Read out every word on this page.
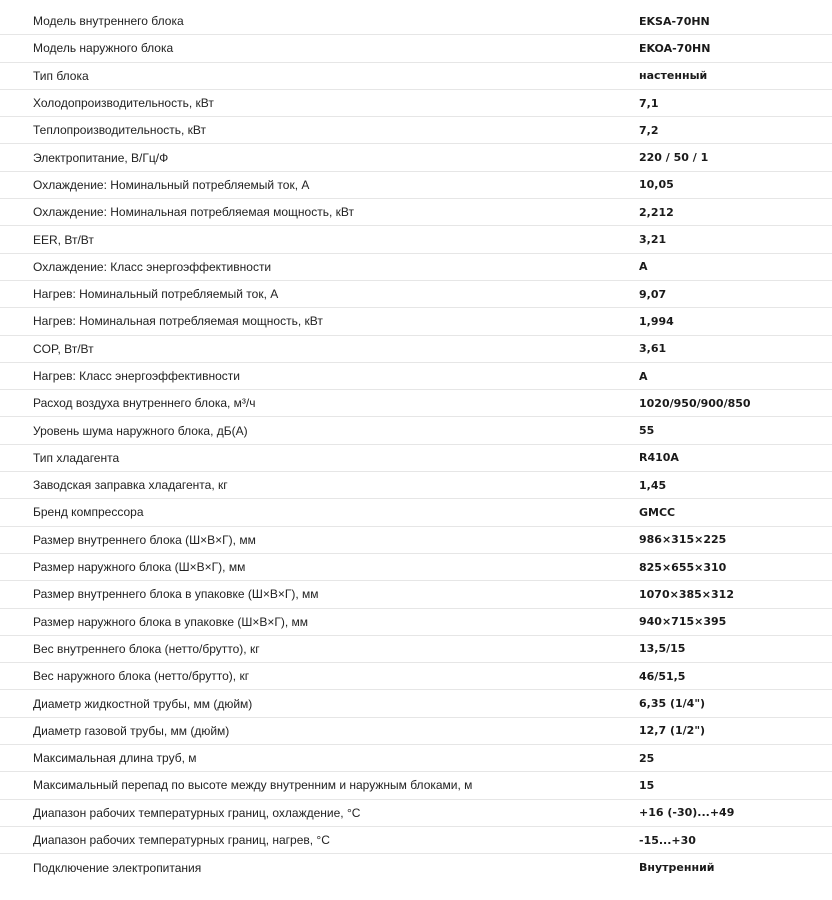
Модель внутреннего блока	EKSA-70HN
Модель наружного блока	EKOA-70HN
Тип блока	настенный
Холодопроизводительность, кВт	7,1
Теплопроизводительность, кВт	7,2
Электропитание, В/Гц/Ф	220 / 50 / 1
Охлаждение: Номинальный потребляемый ток, А	10,05
Охлаждение: Номинальная потребляемая мощность, кВт	2,212
EER, Вт/Вт	3,21
Охлаждение: Класс энергоэффективности	A
Нагрев: Номинальный потребляемый ток, А	9,07
Нагрев: Номинальная потребляемая мощность, кВт	1,994
COP, Вт/Вт	3,61
Нагрев: Класс энергоэффективности	A
Расход воздуха внутреннего блока, м³/ч	1020/950/900/850
Уровень шума наружного блока, дБ(А)	55
Тип хладагента	R410A
Заводская заправка хладагента, кг	1,45
Бренд компрессора	GMCC
Размер внутреннего блока (Ш×В×Г), мм	986×315×225
Размер наружного блока (Ш×В×Г), мм	825×655×310
Размер внутреннего блока в упаковке (Ш×В×Г), мм	1070×385×312
Размер наружного блока в упаковке (Ш×В×Г), мм	940×715×395
Вес внутреннего блока (нетто/брутто), кг	13,5/15
Вес наружного блока (нетто/брутто), кг	46/51,5
Диаметр жидкостной трубы, мм (дюйм)	6,35 (1/4")
Диаметр газовой трубы, мм (дюйм)	12,7 (1/2")
Максимальная длина труб, м	25
Максимальный перепад по высоте между внутренним и наружным блоками, м	15
Диапазон рабочих температурных границ, охлаждение, °C	+16 (-30)...+49
Диапазон рабочих температурных границ, нагрев, °C	-15...+30
Подключение электропитания	Внутренний
